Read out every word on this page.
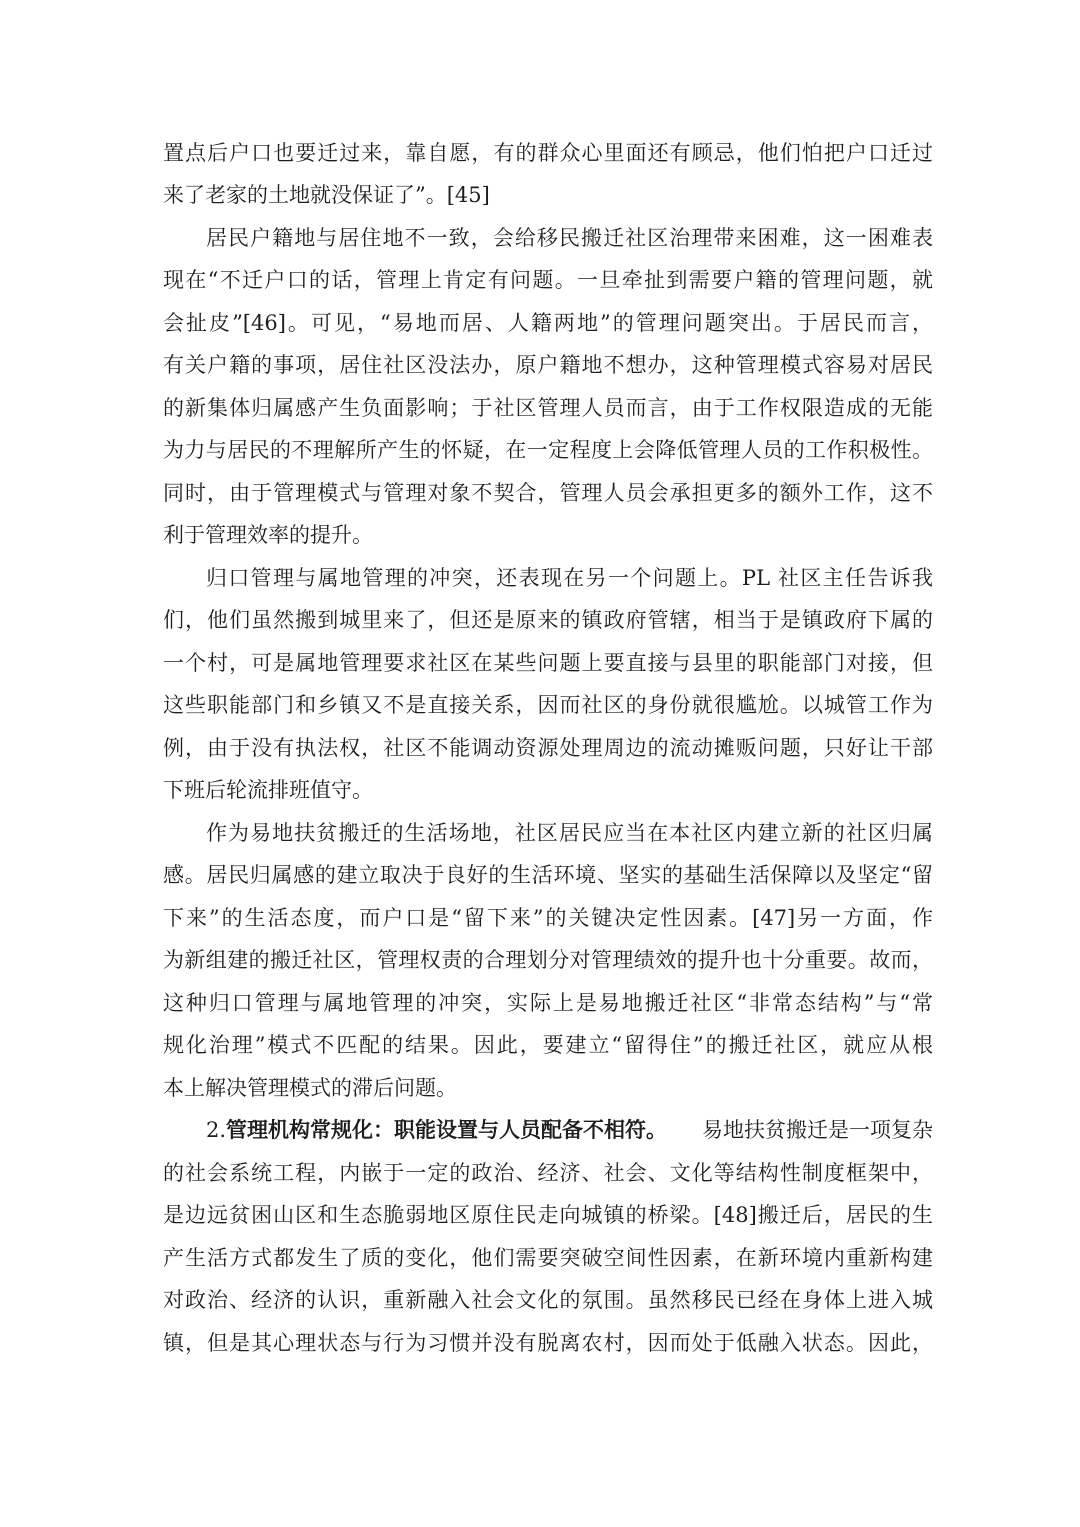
置点后户口也要迁过来，靠自愿，有的群众心里面还有顾忌，他们怕把户口迁过
来了老家的土地就没保证了”。[45]
居民户籍地与居住地不一致，会给移民搬迁社区治理带来困难，这一困难表
现在“不迁户口的话，管理上肯定有问题。一旦牵扯到需要户籍的管理问题，就
会扯皮”[46]。可见，“易地而居、人籍两地”的管理问题突出。于居民而言，
有关户籍的事项，居住社区没法办，原户籍地不想办，这种管理模式容易对居民
的新集体归属感产生负面影响；于社区管理人员而言，由于工作权限造成的无能
为力与居民的不理解所产生的怀疑，在一定程度上会降低管理人员的工作积极性。
同时，由于管理模式与管理对象不契合，管理人员会承担更多的额外工作，这不
利于管理效率的提升。
归口管理与属地管理的冲突，还表现在另一个问题上。PL 社区主任告诉我
们，他们虽然搬到城里来了，但还是原来的镇政府管辖，相当于是镇政府下属的
一个村，可是属地管理要求社区在某些问题上要直接与县里的职能部门对接，但
这些职能部门和乡镇又不是直接关系，因而社区的身份就很尴尬。以城管工作为
例，由于没有执法权，社区不能调动资源处理周边的流动摊贩问题，只好让干部
下班后轮流排班值守。
作为易地扶贫搬迁的生活场地，社区居民应当在本社区内建立新的社区归属
感。居民归属感的建立取决于良好的生活环境、坚实的基础生活保障以及坚定“留
下来”的生活态度，而户口是“留下来”的关键决定性因素。[47]另一方面，作
为新组建的搬迁社区，管理权责的合理划分对管理绩效的提升也十分重要。故而，
这种归口管理与属地管理的冲突，实际上是易地搬迁社区“非常态结构”与“常
规化治理”模式不匹配的结果。因此，要建立“留得住”的搬迁社区，就应从根
本上解决管理模式的滞后问题。
2.管理机构常规化：职能设置与人员配备不相符。 易地扶贫搬迁是一项复杂
的社会系统工程，内嵌于一定的政治、经济、社会、文化等结构性制度框架中，
是边远贫困山区和生态脆弱地区原住民走向城镇的桥梁。[48]搬迁后，居民的生
产生活方式都发生了质的变化，他们需要突破空间性因素，在新环境内重新构建
对政治、经济的认识，重新融入社会文化的氛围。虽然移民已经在身体上进入城
镇，但是其心理状态与行为习惯并没有脱离农村，因而处于低融入状态。因此，
